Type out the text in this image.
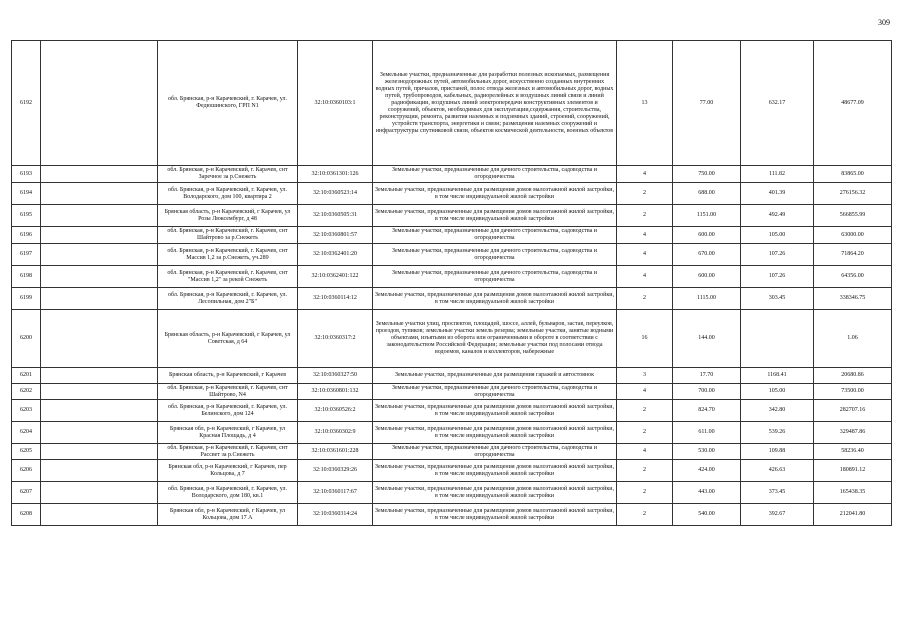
309
6192		обл. Брянская, р-н Карачевский, г. Карачев, ул. Федюшинского, ГРП N1	32:10:0360103:1	Земельные участки, предназначенные для разработки полезных ископаемых, размещения железнодорожных путей, автомобильных дорог, искусственно созданных внутренних водных путей, причалов, пристаней, полос отвода железных и автомобильных дорог, водных путей, трубопроводов, кабельных, радиорелейных и воздушных линий связи и линий радиофикации, воздушных линий электропередачи конструктивных элементов и сооружений, объектов, необходимых для эксплуатации,содержания, строительства, реконструкции, ремонта, развития наземных и подземных зданий, строений, сооружений, устройств транспорта, энергетики и связи; размещения наземных сооружений и инфраструктуры спутниковой связи, объектов космической деятельности, военных объектов	13	77.00	632.17	48677.09
6193		обл. Брянская, р-н Карачевский, г. Карачев, снт Заречное за р.Снежеть	32:10:0361301:126	Земельные участки, предназначенные для дачного строительства, садоводства и огородничества	4	750.00	111.82	83865.00
6194		обл. Брянская, р-н Карачевский, г. Карачев, ул. Володарского, дом 100, квартира 2	32:10:0360523:14	Земельные участки, предназначенные для размещения домов малоэтажной жилой застройки, в том числе индивидуальной жилой застройки	2	688.00	401.39	276156.32
6195		Брянская область, р-н Карачевский, г Карачев, ул Розы Люксембург, д 48	32:10:0360505:31	Земельные участки, предназначенные для размещения домов малоэтажной жилой застройки, в том числе индивидуальной жилой застройки	2	1151.00	492.49	566855.99
6196		обл. Брянская, р-н Карачевский, г. Карачев, снт Шайтрово за р.Снежеть	32:10:0360801:57	Земельные участки, предназначенные для дачного строительства, садоводства и огородничества	4	600.00	105.00	63000.00
6197		обл. Брянская, р-н Карачевский, г. Карачев, снт Массив 1,2 за р.Снежеть, уч.289	32:10:0362401:20	Земельные участки, предназначенные для дачного строительства, садоводства и огородничества	4	670.00	107.26	71864.20
6198		обл. Брянская, р-н Карачевский, г. Карачев, снт "Массив 1,2" за рекой Снежеть	32:10:0362401:122	Земельные участки, предназначенные для дачного строительства, садоводства и огородничества	4	600.00	107.26	64356.00
6199		обл. Брянская, р-н Карачевский, г. Карачев, ул. Лесопильная, дом 2"Б"	32:10:0360114:12	Земельные участки, предназначенные для размещения домов малоэтажной жилой застройки, в том числе индивидуальной жилой застройки	2	1115.00	303.45	338346.75
6200		Брянская область, р-н Карачевский, г Карачев, ул Советская, д 64	32:10:0360317:2	Земельные участки улиц, проспектов, площадей, шоссе, аллей, бульваров, застав, переулков, проездов, тупиков; земельные участки земель резерва; земельные участки, занятые водными объектами, изъятыми из оборота или ограниченными в обороте в соответствии с законодательством Российской Федерации; земельные участки под полосами отвода водоемов, каналов и коллекторов, набережные	16	144.00		1.06
6201		Брянская область, р-н Карачевский, г Карачев	32:10:0360327:50	Земельные участки, предназначенные для размещения гаражей и автостоянок	3	17.70	1168.41	20680.86
6202		обл. Брянская, р-н Карачевский, г. Карачев, снт Шайтрово, N4	32:10:0360801:132	Земельные участки, предназначенные для дачного строительства, садоводства и огородничества	4	700.00	105.00	73500.00
6203		обл. Брянская, р-н Карачевский, г. Карачев, ул. Белинского, дом 124	32:10:0360526:2	Земельные участки, предназначенные для размещения домов малоэтажной жилой застройки, в том числе индивидуальной жилой застройки	2	824.70	342.80	282707.16
6204		Брянская обл, р-н Карачевский, г Карачев, ул Красная Площадь, д 4	32:10:0360302:9	Земельные участки, предназначенные для размещения домов малоэтажной жилой застройки, в том числе индивидуальной жилой застройки	2	611.00	539.26	329487.86
6205		обл. Брянская, р-н Карачевский, г. Карачев, снт Рассвет за р.Снежеть	32:10:0361601:228	Земельные участки, предназначенные для дачного строительства, садоводства и огородничества	4	530.00	109.88	58236.40
6206		Брянская обл, р-н Карачевский, г Карачев, пер Кольцова, д 7	32:10:0360329:26	Земельные участки, предназначенные для размещения домов малоэтажной жилой застройки, в том числе индивидуальной жилой застройки	2	424.00	426.63	180891.12
6207		обл. Брянская, р-н Карачевский, г. Карачев, ул. Володарского, дом 180, кв.1	32:10:0360117:67	Земельные участки, предназначенные для размещения домов малоэтажной жилой застройки, в том числе индивидуальной жилой застройки	2	443.00	373.45	165438.35
6208		Брянская обл, р-н Карачевский, г Карачев, ул Кольцова, дом 17 А	32:10:0360314:24	Земельные участки, предназначенные для размещения домов малоэтажной жилой застройки, в том числе индивидуальной жилой застройки	2	540.00	392.67	212041.80
